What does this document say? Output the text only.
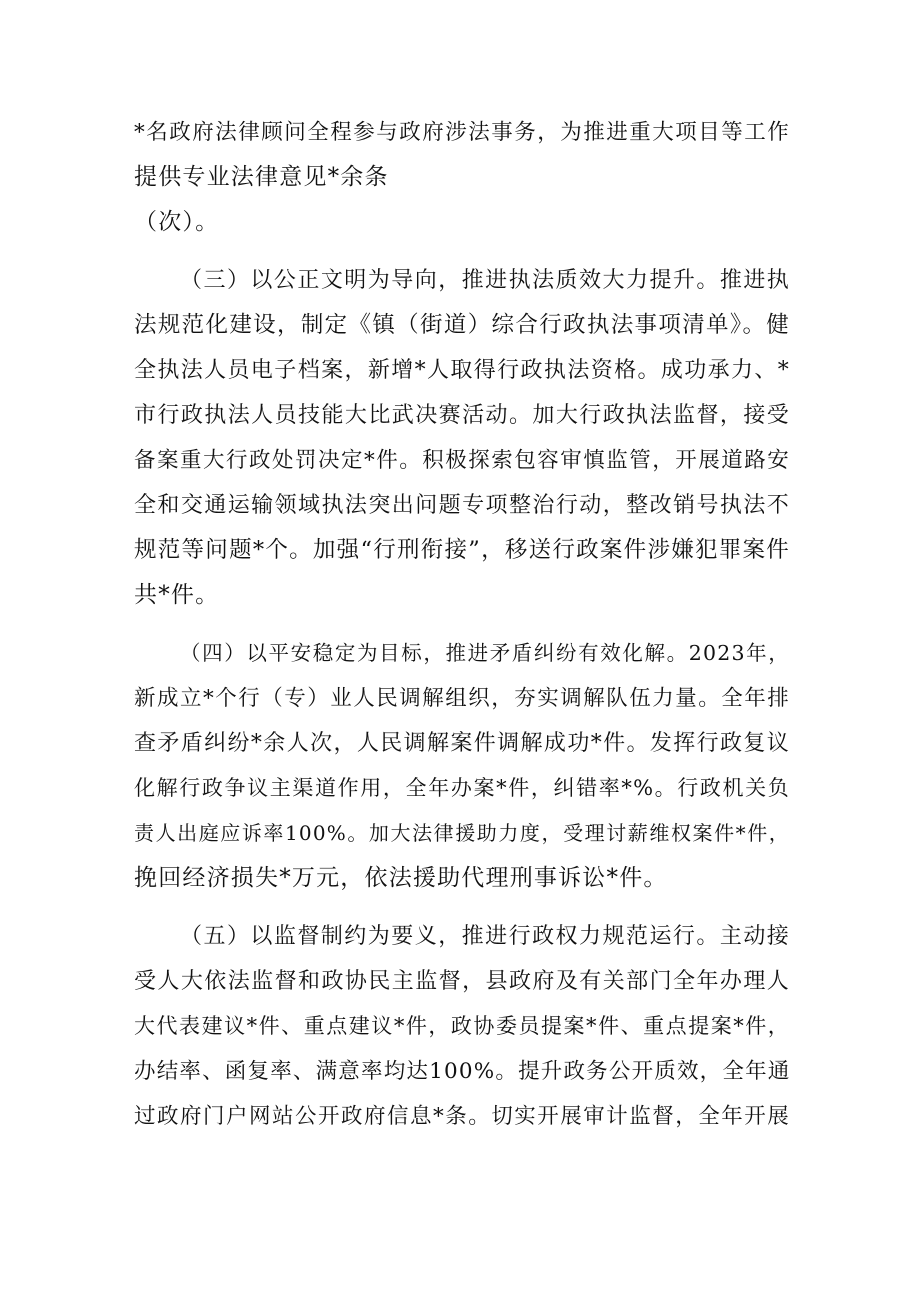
*名政府法律顾问全程参与政府涉法事务，为推进重大项目等工作
提供专业法律意见*余条
（次）。

（三）以公正文明为导向，推进执法质效大力提升。推进执
法规范化建设，制定《镇（街道）综合行政执法事项清单》。健
全执法人员电子档案，新增*人取得行政执法资格。成功承力、*
市行政执法人员技能大比武决赛活动。加大行政执法监督，接受
备案重大行政处罚决定*件。积极探索包容审慎监管，开展道路安
全和交通运输领域执法突出问题专项整治行动，整改销号执法不
规范等问题*个。加强“行刑衔接”，移送行政案件涉嫌犯罪案件
共*件。

（四）以平安稳定为目标，推进矛盾纠纷有效化解。2023年，
新成立*个行（专）业人民调解组织，夯实调解队伍力量。全年排
查矛盾纠纷*余人次，人民调解案件调解成功*件。发挥行政复议
化解行政争议主渠道作用，全年办案*件，纠错率*%。行政机关负
责人出庭应诉率100%。加大法律援助力度，受理讨薪维权案件*件，
挽回经济损失*万元，依法援助代理刑事诉讼*件。

（五）以监督制约为要义，推进行政权力规范运行。主动接
受人大依法监督和政协民主监督，县政府及有关部门全年办理人
大代表建议*件、重点建议*件，政协委员提案*件、重点提案*件，
办结率、函复率、满意率均达100%。提升政务公开质效，全年通
过政府门户网站公开政府信息*条。切实开展审计监督，全年开展
